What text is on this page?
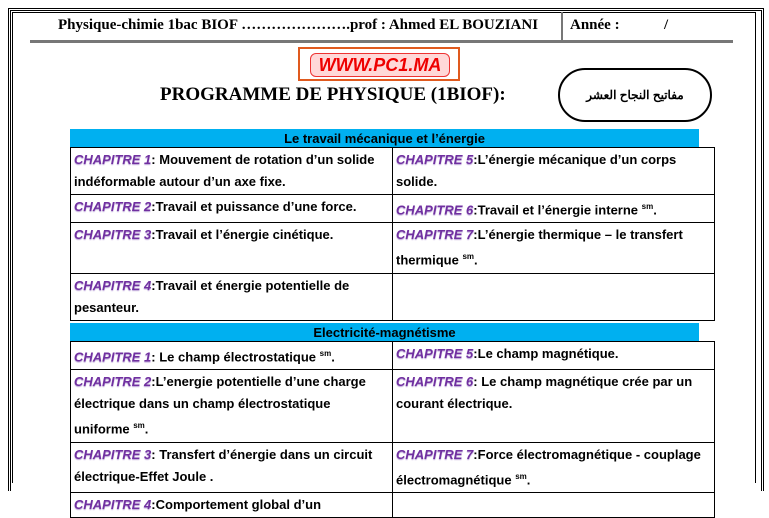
Physique-chimie 1bac BIOF ………………….prof : Ahmed EL BOUZIANI Année :	/
WWW.PC1.MA
PROGRAMME DE PHYSIQUE (1BIOF):	مفاتيح النجاح العشر
Le travail mécanique et l’énergie
CHAPITRE 1: Mouvement de rotation d’un solide indéformable autour d’un axe fixe.	CHAPITRE 5:L’énergie mécanique d’un corps solide.
CHAPITRE 2:Travail et puissance d’une force.	CHAPITRE 6:Travail et l’énergie interne $^{sm}$.
CHAPITRE 3:Travail et l’énergie cinétique.	CHAPITRE 7:L’énergie thermique – le transfert thermique $^{sm}$.
CHAPITRE 4:Travail et énergie potentielle de pesanteur.	
Electricité-magnétisme
CHAPITRE 1: Le champ électrostatique $^{sm}$.	CHAPITRE 5:Le champ magnétique.
CHAPITRE 2:L’energie potentielle d’une charge électrique dans un champ électrostatique uniforme $^{sm}$.	CHAPITRE 6: Le champ magnétique crée par un courant électrique.
CHAPITRE 3: Transfert d’énergie dans un circuit électrique-Effet Joule .	CHAPITRE 7:Force électromagnétique - couplage électromagnétique $^{sm}$.
CHAPITRE 4:Comportement global d’un	
